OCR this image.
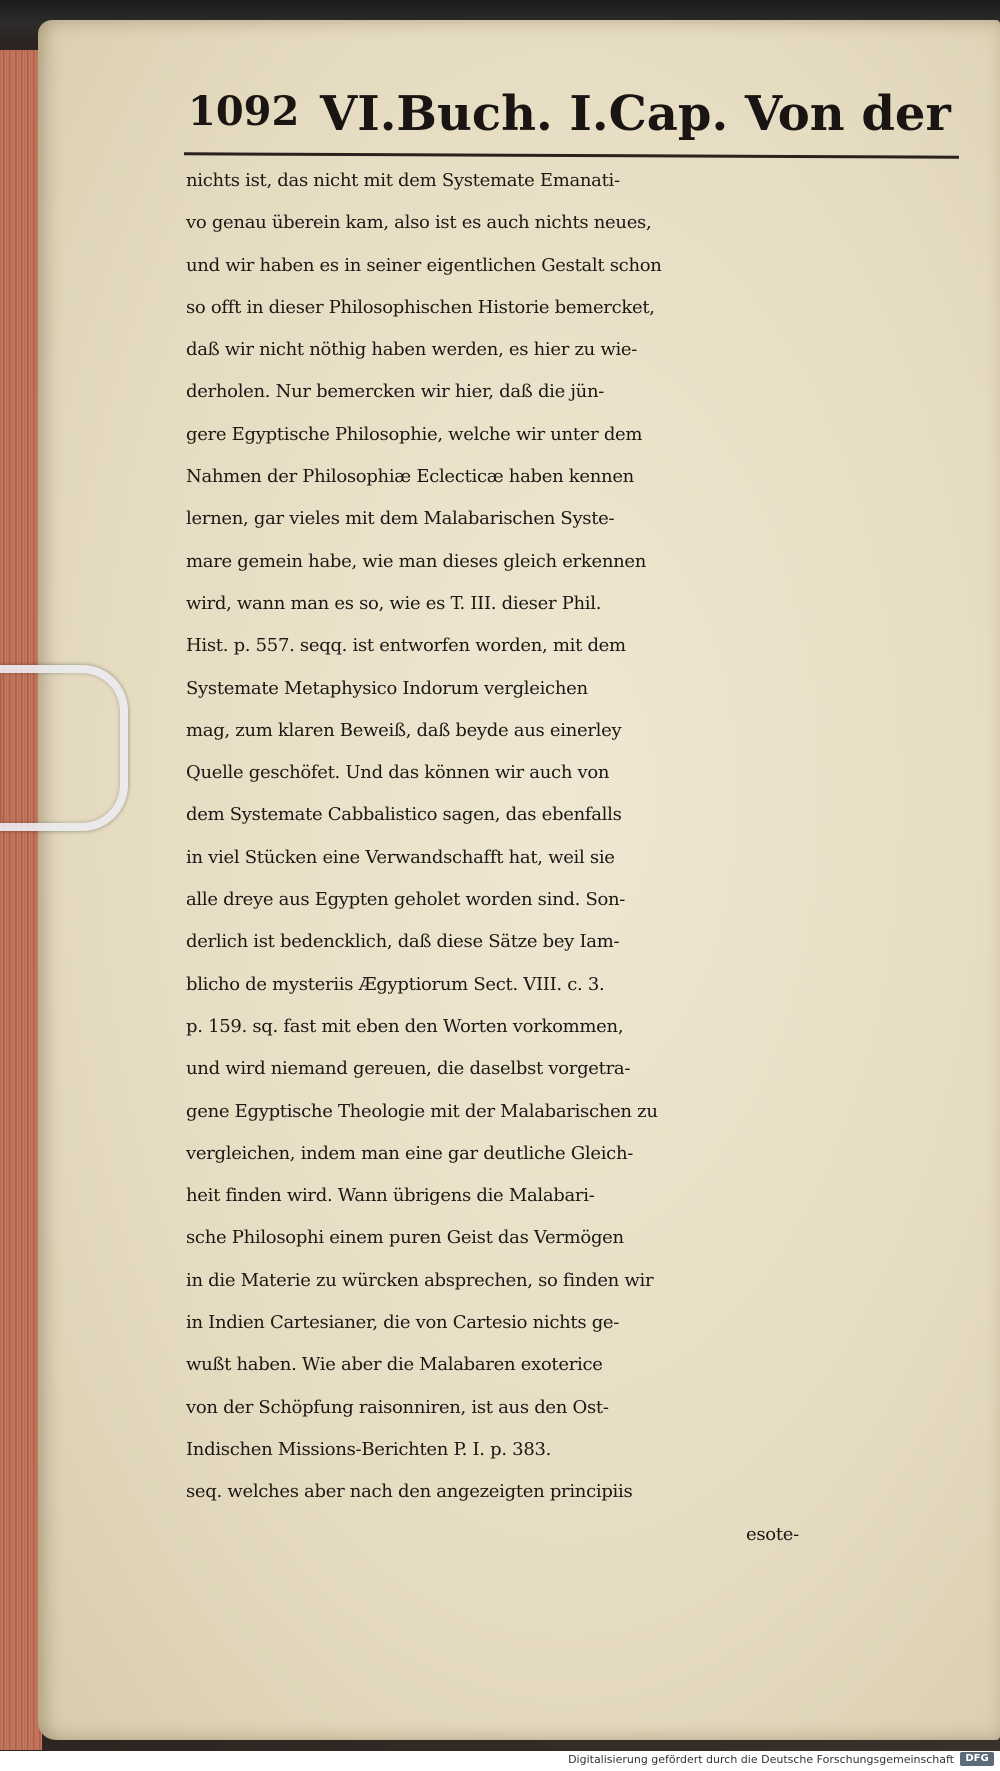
1092 VI.Buch. I.Cap. Von der
nichts ist, das nicht mit dem Systemate Emanati-
vo genau überein kam, also ist es auch nichts neues,
und wir haben es in seiner eigentlichen Gestalt schon
so offt in dieser Philosophischen Historie bemercket,
daß wir nicht nöthig haben werden, es hier zu wie-
derholen. Nur bemercken wir hier, daß die jün-
gere Egyptische Philosophie, welche wir unter dem
Nahmen der Philosophiæ Eclecticæ haben kennen
lernen, gar vieles mit dem Malabarischen Syste-
mare gemein habe, wie man dieses gleich erkennen
wird, wann man es so, wie es T. III. dieser Phil.
Hist. p. 557. seqq. ist entworfen worden, mit dem
Systemate Metaphysico Indorum vergleichen
mag, zum klaren Beweiß, daß beyde aus einerley
Quelle geschöfet. Und das können wir auch von
dem Systemate Cabbalistico sagen, das ebenfalls
in viel Stücken eine Verwandschafft hat, weil sie
alle dreye aus Egypten geholet worden sind. Son-
derlich ist bedencklich, daß diese Sätze bey Iam-
blicho de mysteriis Ægyptiorum Sect. VIII. c. 3.
p. 159. sq. fast mit eben den Worten vorkommen,
und wird niemand gereuen, die daselbst vorgetra-
gene Egyptische Theologie mit der Malabarischen zu
vergleichen, indem man eine gar deutliche Gleich-
heit finden wird. Wann übrigens die Malabari-
sche Philosophi einem puren Geist das Vermögen
in die Materie zu würcken absprechen, so finden wir
in Indien Cartesianer, die von Cartesio nichts ge-
wußt haben. Wie aber die Malabaren exoterice
von der Schöpfung raisonniren, ist aus den Ost-
Indischen Missions-Berichten P. I. p. 383.
seq. welches aber nach den angezeigten principiis
esote-
Digitalisierung gefördert durch die Deutsche Forschungsgemeinschaft	DFG
